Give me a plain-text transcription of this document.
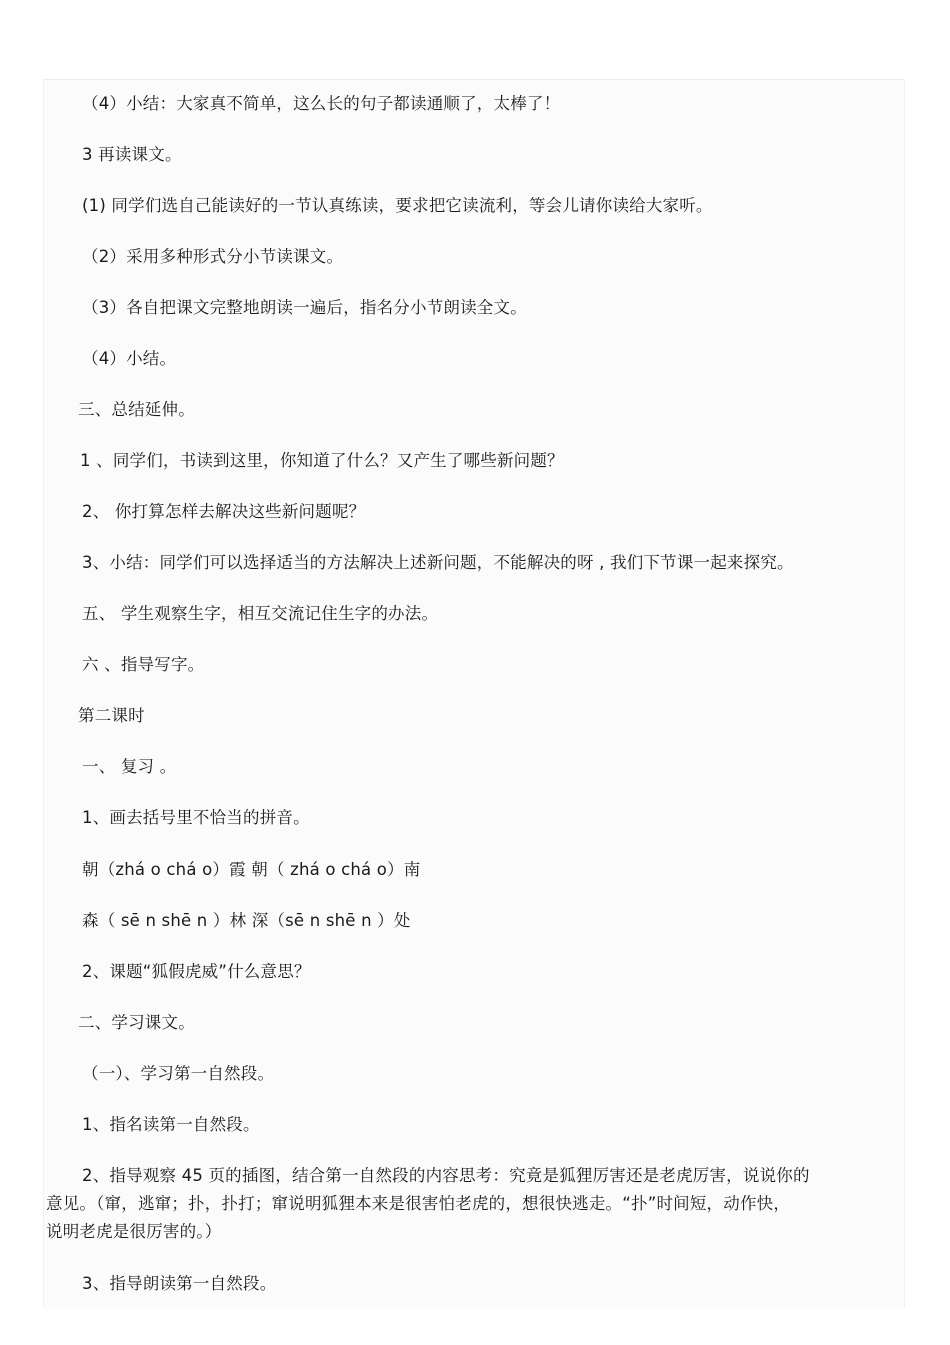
（4）小结：大家真不简单，这么长的句子都读通顺了，太棒了！
3 再读课文。
(1) 同学们选自己能读好的一节认真练读，要求把它读流利，等会儿请你读给大家听。
（2）采用多种形式分小节读课文。
（3）各自把课文完整地朗读一遍后，指名分小节朗读全文。
（4）小结。
三、总结延伸。
1 、同学们，书读到这里，你知道了什么？又产生了哪些新问题？
2、 你打算怎样去解决这些新问题呢？
3、小结：同学们可以选择适当的方法解决上述新问题，不能解决的呀 , 我们下节课一起来探究。
五、 学生观察生字，相互交流记住生字的办法。
六 、指导写字。
第二课时
一、 复习 。
1、画去括号里不恰当的拼音。
朝（zhá o chá o）霞 朝（ zhá o chá o）南
森（ sē n shē n ）林 深（sē n shē n ）处
2、课题“狐假虎威”什么意思？
二、学习课文。
（一）、学习第一自然段。
1、指名读第一自然段。
2、指导观察 45 页的插图，结合第一自然段的内容思考：究竟是狐狸厉害还是老虎厉害，说说你的
意见。（窜，逃窜；扑，扑打；窜说明狐狸本来是很害怕老虎的，想很快逃走。“扑”时间短，动作快，
说明老虎是很厉害的。）
3、指导朗读第一自然段。
